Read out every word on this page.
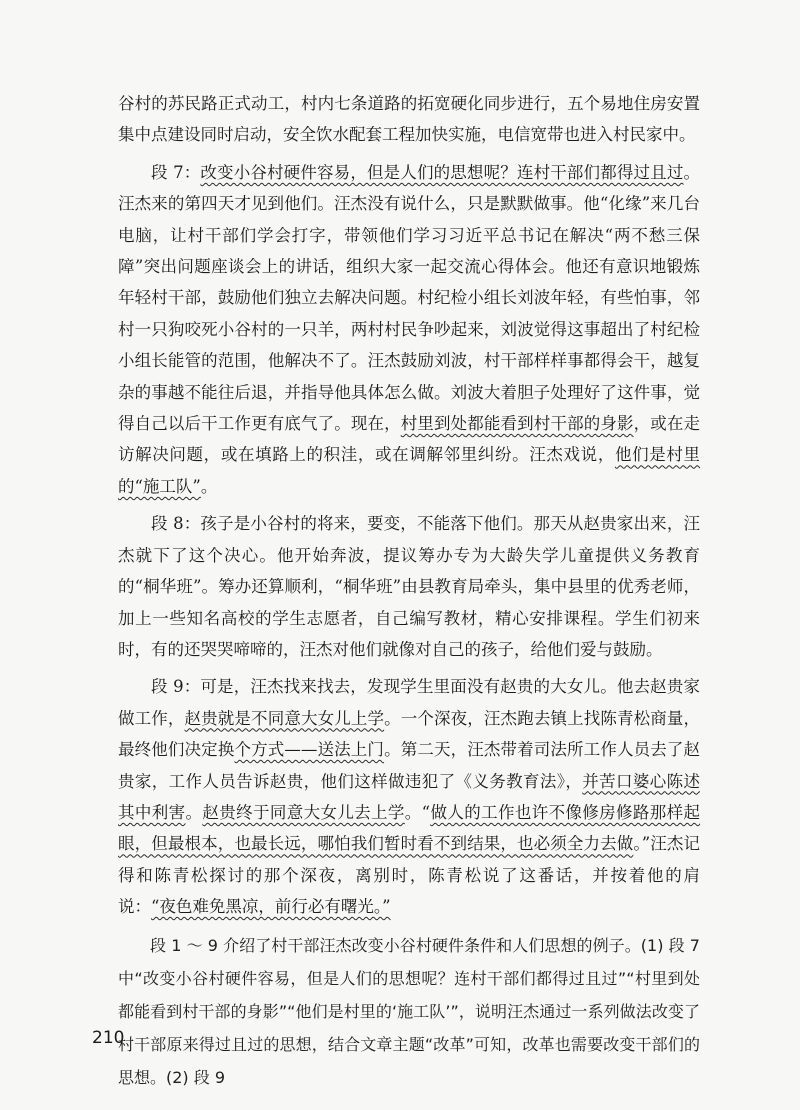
谷村的苏民路正式动工，村内七条道路的拓宽硬化同步进行，五个易地住房安置集中点建设同时启动，安全饮水配套工程加快实施，电信宽带也进入村民家中。

段 7：改变小谷村硬件容易，但是人们的思想呢？连村干部们都得过且过。汪杰来的第四天才见到他们。汪杰没有说什么，只是默默做事。他“化缘”来几台电脑，让村干部们学会打字，带领他们学习习近平总书记在解决“两不愁三保障”突出问题座谈会上的讲话，组织大家一起交流心得体会。他还有意识地锻炼年轻村干部，鼓励他们独立去解决问题。村纪检小组长刘波年轻，有些怕事，邻村一只狗咬死小谷村的一只羊，两村村民争吵起来，刘波觉得这事超出了村纪检小组长能管的范围，他解决不了。汪杰鼓励刘波，村干部样样事都得会干，越复杂的事越不能往后退，并指导他具体怎么做。刘波大着胆子处理好了这件事，觉得自己以后干工作更有底气了。现在，村里到处都能看到村干部的身影，或在走访解决问题，或在填路上的积洼，或在调解邻里纠纷。汪杰戏说，他们是村里的“施工队”。

段 8：孩子是小谷村的将来，要变，不能落下他们。那天从赵贵家出来，汪杰就下了这个决心。他开始奔波，提议筹办专为大龄失学儿童提供义务教育的“桐华班”。筹办还算顺利，“桐华班”由县教育局牵头，集中县里的优秀老师，加上一些知名高校的学生志愿者，自己编写教材，精心安排课程。学生们初来时，有的还哭哭啼啼的，汪杰对他们就像对自己的孩子，给他们爱与鼓励。

段 9：可是，汪杰找来找去，发现学生里面没有赵贵的大女儿。他去赵贵家做工作，赵贵就是不同意大女儿上学。一个深夜，汪杰跑去镇上找陈青松商量，最终他们决定换个方式——送法上门。第二天，汪杰带着司法所工作人员去了赵贵家，工作人员告诉赵贵，他们这样做违犯了《义务教育法》，并苦口婆心陈述其中利害。赵贵终于同意大女儿去上学。“做人的工作也许不像修房修路那样起眼，但最根本，也最长远，哪怕我们暂时看不到结果，也必须全力去做。”汪杰记得和陈青松探讨的那个深夜，离别时，陈青松说了这番话，并按着他的肩说：“夜色难免黑凉，前行必有曙光。”

段 1 ～ 9 介绍了村干部汪杰改变小谷村硬件条件和人们思想的例子。(1) 段 7 中“改变小谷村硬件容易，但是人们的思想呢？连村干部们都得过且过”“村里到处都能看到村干部的身影”“他们是村里的‘施工队’”，说明汪杰通过一系列做法改变了村干部原来得过且过的思想，结合文章主题“改革”可知，改革也需要改变干部们的思想。(2) 段 9

210
